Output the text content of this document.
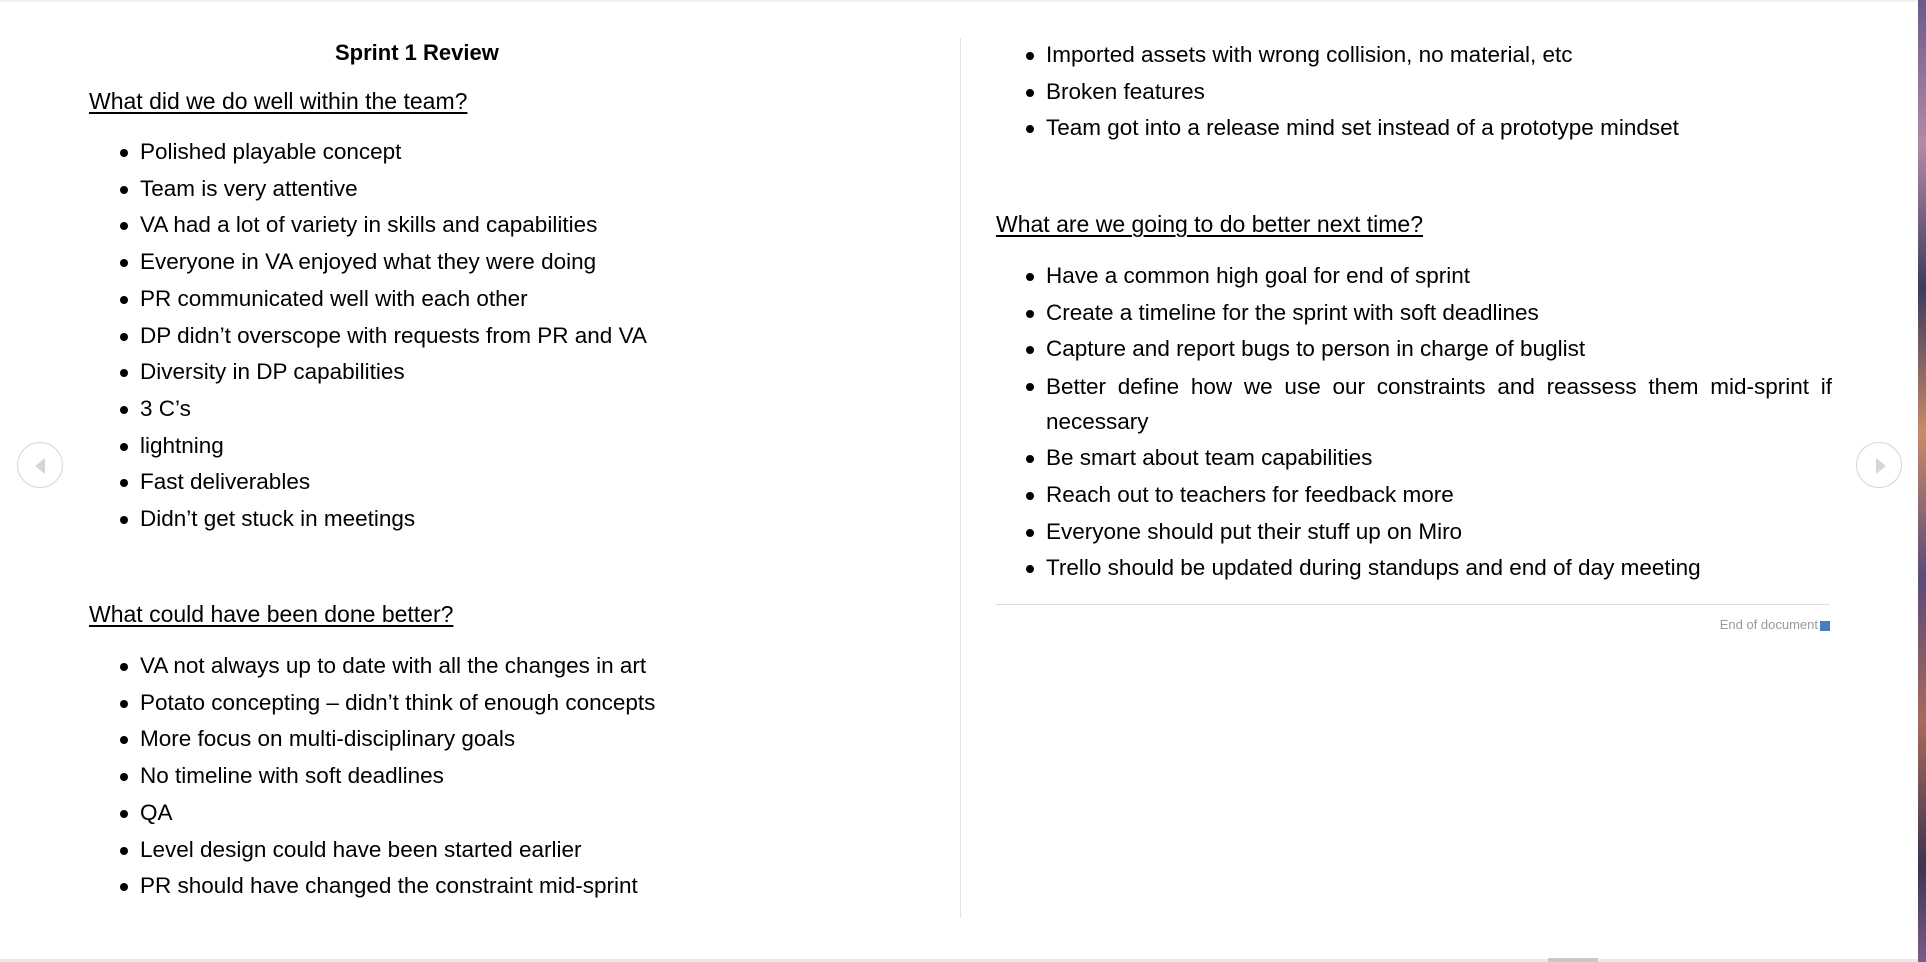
Sprint 1 Review
What did we do well within the team?
Polished playable concept
Team is very attentive
VA had a lot of variety in skills and capabilities
Everyone in VA enjoyed what they were doing
PR communicated well with each other
DP didn’t overscope with requests from PR and VA
Diversity in DP capabilities
3 C’s
lightning
Fast deliverables
Didn’t get stuck in meetings
What could have been done better?
VA not always up to date with all the changes in art
Potato concepting – didn’t think of enough concepts
More focus on multi-disciplinary goals
No timeline with soft deadlines
QA
Level design could have been started earlier
PR should have changed the constraint mid-sprint
Imported assets with wrong collision, no material, etc
Broken features
Team got into a release mind set instead of a prototype mindset
What are we going to do better next time?
Have a common high goal for end of sprint
Create a timeline for the sprint with soft deadlines
Capture and report bugs to person in charge of buglist
Better define how we use our constraints and reassess them mid-sprint if necessary
Be smart about team capabilities
Reach out to teachers for feedback more
Everyone should put their stuff up on Miro
Trello should be updated during standups and end of day meeting
End of document
